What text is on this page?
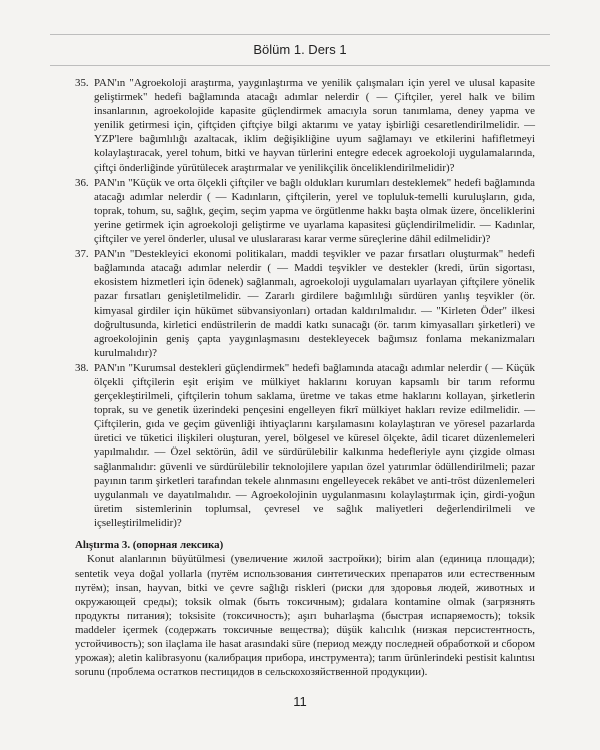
Bölüm 1. Ders 1
35. PAN'ın "Agroekoloji araştırma, yaygınlaştırma ve yenilik çalışmaları için yerel ve ulusal kapasite geliştirmek" hedefi bağlamında atacağı adımlar nelerdir ( — Çiftçiler, yerel halk ve bilim insanlarının, agroekolojide kapasite güçlendirmek amacıyla sorun tanımlama, deney yapma ve yenilik getirmesi için, çiftçiden çiftçiye bilgi aktarımı ve yatay işbirliği cesaretlendirilmelidir. — YZP'lere bağımlılığı azaltacak, iklim değişikliğine uyum sağlamayı ve etkilerini hafifletmeyi kolaylaştıracak, yerel tohum, bitki ve hayvan türlerini entegre edecek agroekoloji uygulamalarında, çiftçi önderliğinde yürütülecek araştırmalar ve yenilikçilik önceliklendirilmelidir)?
36. PAN'ın "Küçük ve orta ölçekli çiftçiler ve bağlı oldukları kurumları desteklemek" hedefi bağlamında atacağı adımlar nelerdir ( — Kadınların, çiftçilerin, yerel ve topluluk-temelli kuruluşların, gıda, toprak, tohum, su, sağlık, geçim, seçim yapma ve örgütlenme hakkı başta olmak üzere, önceliklerini yerine getirmek için agroekoloji geliştirme ve uyarlama kapasitesi güçlendirilmelidir. — Kadınlar, çiftçiler ve yerel önderler, ulusal ve uluslararası karar verme süreçlerine dâhil edilmelidir)?
37. PAN'ın "Destekleyici ekonomi politikaları, maddi teşvikler ve pazar fırsatları oluşturmak" hedefi bağlamında atacağı adımlar nelerdir ( — Maddi teşvikler ve destekler (kredi, ürün sigortası, ekosistem hizmetleri için ödenek) sağlanmalı, agroekoloji uygulamaları uyarlayan çiftçilere yönelik pazar fırsatları genişletilmelidir. — Zararlı girdilere bağımlılığı sürdüren yanlış teşvikler (ör. kimyasal girdiler için hükümet sübvansiyonları) ortadan kaldırılmalıdır. — "Kirleten Öder" ilkesi doğrultusunda, kirletici endüstrilerin de maddi katkı sunacağı (ör. tarım kimyasalları şirketleri) ve agroekolojinin geniş çapta yaygınlaşmasını destekleyecek bağımsız fonlama mekanizmaları kurulmalıdır)?
38. PAN'ın "Kurumsal destekleri güçlendirmek" hedefi bağlamında atacağı adımlar nelerdir ( — Küçük ölçekli çiftçilerin eşit erişim ve mülkiyet haklarını koruyan kapsamlı bir tarım reformu gerçekleştirilmeli, çiftçilerin tohum saklama, üretme ve takas etme haklarını kollayan, şirketlerin toprak, su ve genetik üzerindeki pençesini engelleyen fikrî mülkiyet hakları revize edilmelidir. — Çiftçilerin, gıda ve geçim güvenliği ihtiyaçlarını karşılamasını kolaylaştıran ve yöresel pazarlarda üretici ve tüketici ilişkileri oluşturan, yerel, bölgesel ve küresel ölçekte, âdil ticaret düzenlemeleri yapılmalıdır. — Özel sektörün, âdil ve sürdürülebilir kalkınma hedefleriyle aynı çizgide olması sağlanmalıdır: güvenli ve sürdürülebilir teknolojilere yapılan özel yatırımlar ödüllendirilmeli; pazar payının tarım şirketleri tarafından tekele alınmasını engelleyecek rekâbet ve anti-tröst düzenlemeleri uygulanmalı ve dayatılmalıdır. — Agroekolojinin uygulanmasını kolaylaştırmak için, girdi-yoğun üretim sistemlerinin toplumsal, çevresel ve sağlık maliyetleri değerlendirilmeli ve içselleştirilmelidir)?
Alıştırma 3. (опорная лексика)
Konut alanlarının büyütülmesi (увеличение жилой застройки); birim alan (единица площади); sentetik veya doğal yollarla (путём использования синтетических препаратов или естественным путём); insan, hayvan, bitki ve çevre sağlığı riskleri (риски для здоровья людей, животных и окружающей среды); toksik olmak (быть токсичным); gıdalara kontamine olmak (загрязнять продукты питания); toksisite (токсичность); aşırı buharlaşma (быстрая испаряемость); toksik maddeler içermek (содержать токсичные вещества); düşük kalıcılık (низкая персистентность, устойчивость); son ilaçlama ile hasat arasındaki süre (период между последней обработкой и сбором урожая); aletin kalibrasyonu (калибрация прибора, инструмента); tarım ürünlerindeki pestisit kalıntısı sorunu (проблема остатков пестицидов в сельскохозяйственной продукции).
11
